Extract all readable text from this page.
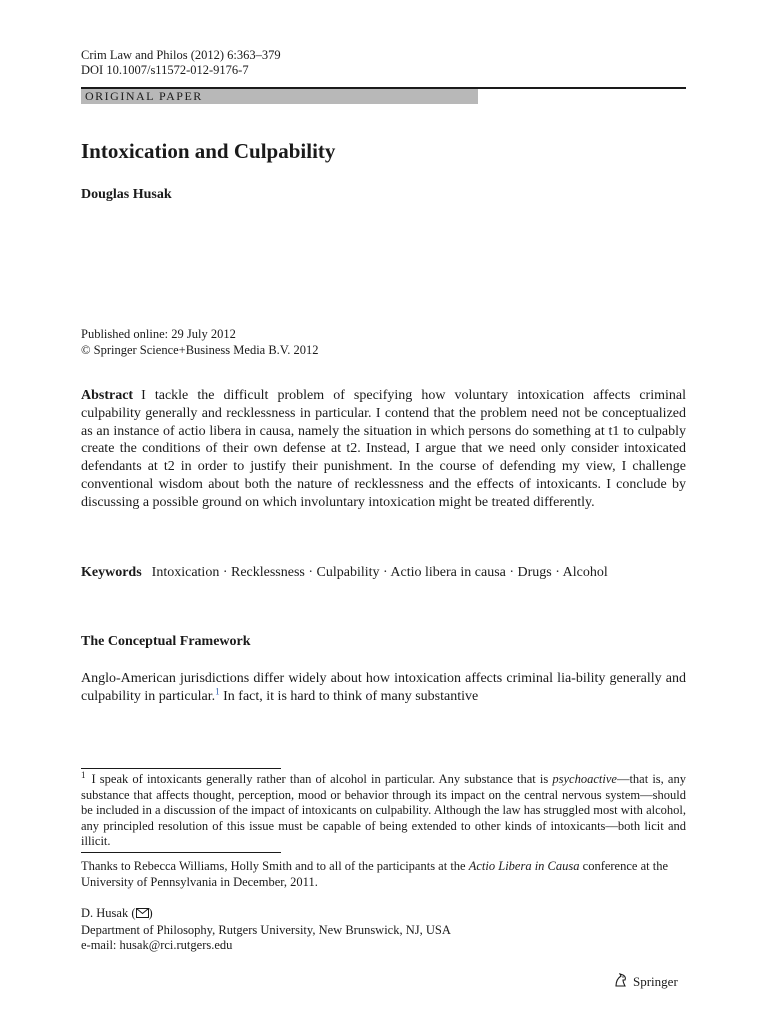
Crim Law and Philos (2012) 6:363–379
DOI 10.1007/s11572-012-9176-7
ORIGINAL PAPER
Intoxication and Culpability
Douglas Husak
Published online: 29 July 2012
© Springer Science+Business Media B.V. 2012
Abstract I tackle the difficult problem of specifying how voluntary intoxication affects criminal culpability generally and recklessness in particular. I contend that the problem need not be conceptualized as an instance of actio libera in causa, namely the situation in which persons do something at t1 to culpably create the conditions of their own defense at t2. Instead, I argue that we need only consider intoxicated defendants at t2 in order to justify their punishment. In the course of defending my view, I challenge conventional wisdom about both the nature of recklessness and the effects of intoxicants. I conclude by discussing a possible ground on which involuntary intoxication might be treated differently.
Keywords Intoxication · Recklessness · Culpability · Actio libera in causa · Drugs · Alcohol
The Conceptual Framework
Anglo-American jurisdictions differ widely about how intoxication affects criminal lia-bility generally and culpability in particular.$^1$ In fact, it is hard to think of many substantive
$^1$ I speak of intoxicants generally rather than of alcohol in particular. Any substance that is psychoactive—that is, any substance that affects thought, perception, mood or behavior through its impact on the central nervous system—should be included in a discussion of the impact of intoxicants on culpability. Although the law has struggled most with alcohol, any principled resolution of this issue must be capable of being extended to other kinds of intoxicants—both licit and illicit.
Thanks to Rebecca Williams, Holly Smith and to all of the participants at the Actio Libera in Causa conference at the University of Pennsylvania in December, 2011.
D. Husak ( )
Department of Philosophy, Rutgers University, New Brunswick, NJ, USA
e-mail: husak@rci.rutgers.edu
Springer
